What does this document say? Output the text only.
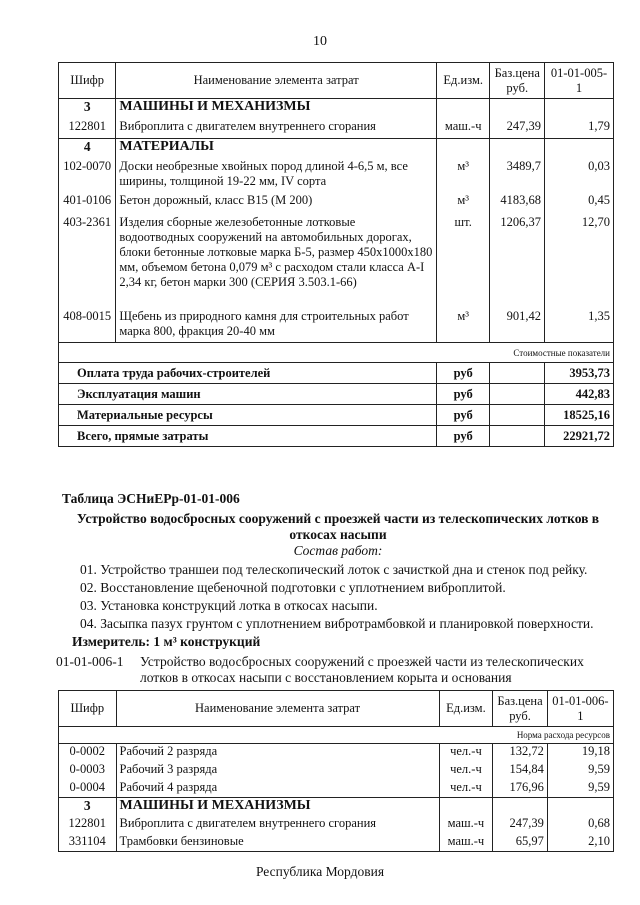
10
Шифр	Наименование элемента затрат	Ед.изм.	Баз.цена руб.	01-01-005-1
3	МАШИНЫ И МЕХАНИЗМЫ			
122801	Виброплита с двигателем внутреннего сгорания	маш.-ч	247,39	1,79
4	МАТЕРИАЛЫ			
102-0070	Доски необрезные хвойных пород длиной 4-6,5 м, все ширины, толщиной 19-22 мм, IV сорта	м³	3489,7	0,03
401-0106	Бетон дорожный, класс В15 (М 200)	м³	4183,68	0,45
403-2361	Изделия сборные железобетонные лотковые водоотводных сооружений на автомобильных дорогах, блоки бетонные лотковые марка Б-5, размер 450х1000х180 мм, объемом бетона 0,079 м³ с расходом стали класса А-I 2,34 кг, бетон марки 300 (СЕРИЯ 3.503.1-66)	шт.	1206,37	12,70
408-0015	Щебень из природного камня для строительных работ марка 800, фракция 20-40 мм	м³	901,42	1,35
Стоимостные показатели				
Оплата труда рабочих-строителей		руб		3953,73
Эксплуатация машин		руб		442,83
Материальные ресурсы		руб		18525,16
Всего, прямые затраты		руб		22921,72
Таблица ЭСНиЕРр-01-01-006
Устройство водосбросных сооружений с проезжей части из телескопических лотков в откосах насыпи
Состав работ:
01. Устройство траншеи под телескопический лоток с зачисткой дна и стенок под рейку.
02. Восстановление щебеночной подготовки с уплотнением виброплитой.
03. Установка конструкций лотка в откосах насыпи.
04. Засыпка пазух грунтом с уплотнением вибротрамбовкой и планировкой поверхности.
Измеритель: 1 м³ конструкций
01-01-006-1 Устройство водосбросных сооружений с проезжей части из телескопических лотков в откосах насыпи с восстановлением корыта и основания
Шифр	Наименование элемента затрат	Ед.изм.	Баз.цена руб.	01-01-006-1
Норма расхода ресурсов				
0-0002	Рабочий 2 разряда	чел.-ч	132,72	19,18
0-0003	Рабочий 3 разряда	чел.-ч	154,84	9,59
0-0004	Рабочий 4 разряда	чел.-ч	176,96	9,59
3	МАШИНЫ И МЕХАНИЗМЫ			
122801	Виброплита с двигателем внутреннего сгорания	маш.-ч	247,39	0,68
331104	Трамбовки бензиновые	маш.-ч	65,97	2,10
Республика Мордовия
